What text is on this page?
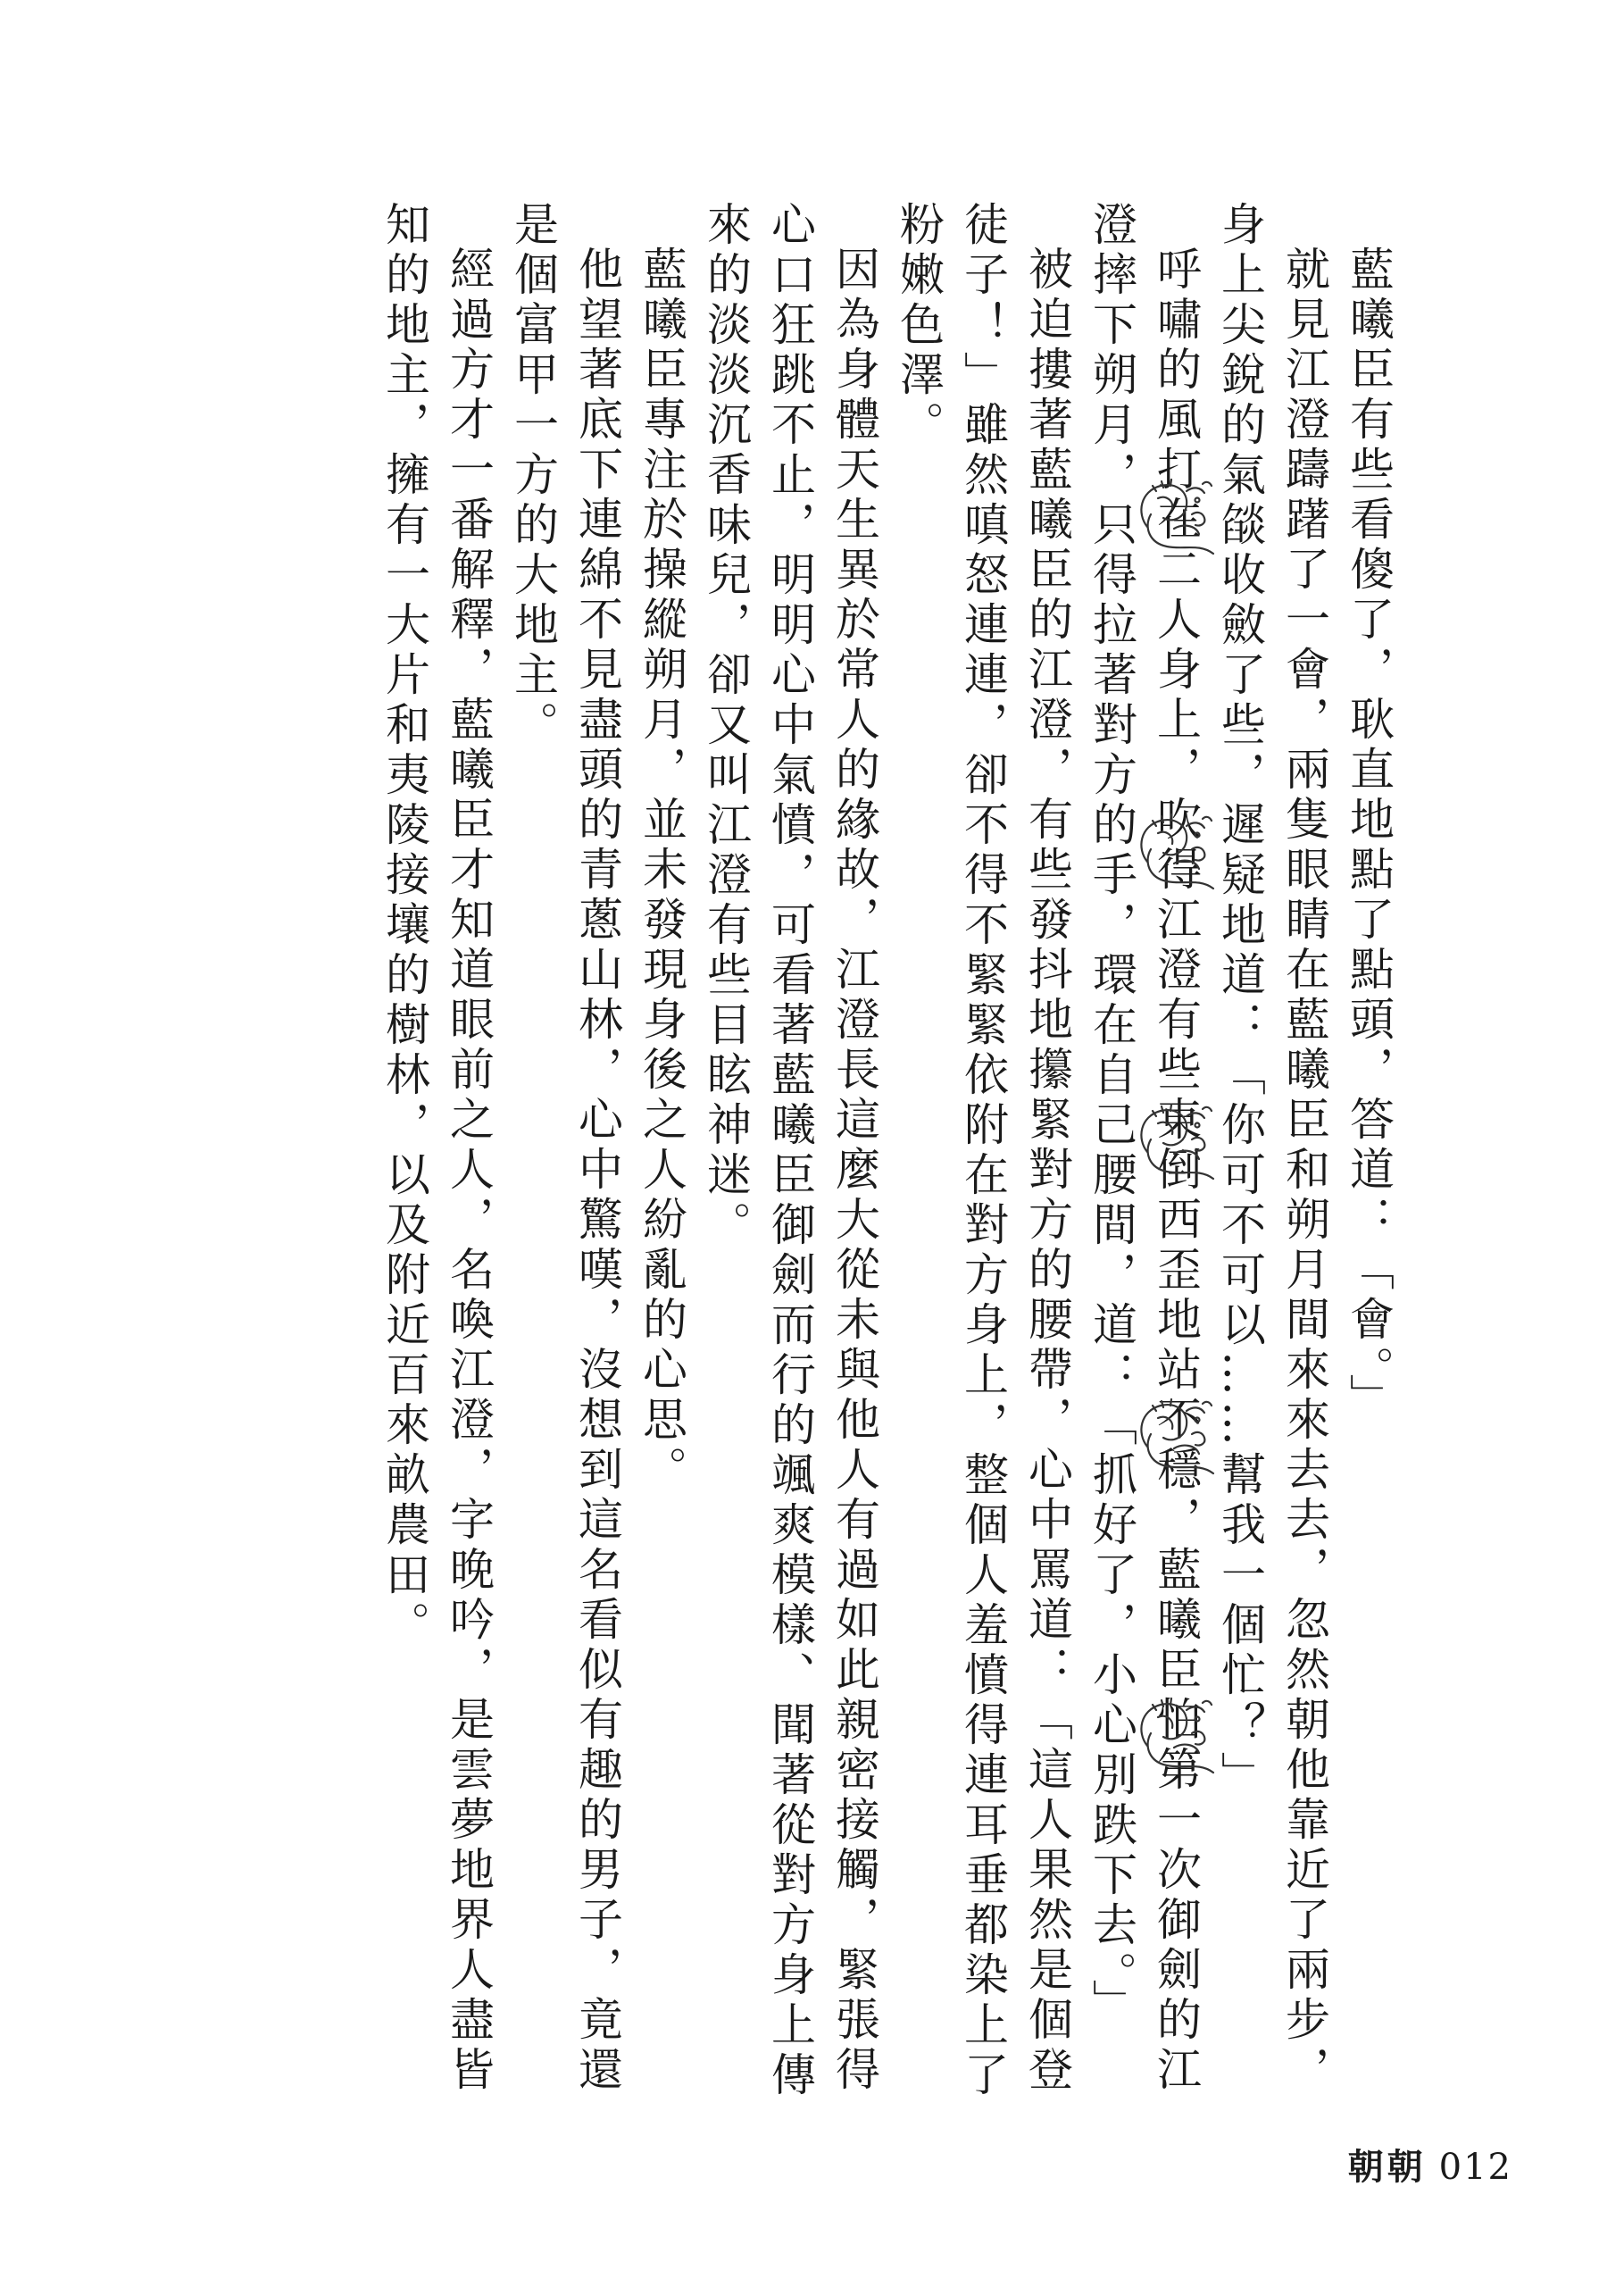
藍曦臣有些看傻了，耿直地點了點頭，答道：「會。」

就見江澄躊躇了一會，兩隻眼睛在藍曦臣和朔月間來來去去，忽然朝他靠近了兩步，身上尖銳的氣燄收斂了些，遲疑地道：「你可不可以……幫我一個忙？」

呼嘯的風打在二人身上，吹得江澄有些東倒西歪地站不穩，藍曦臣怕第一次御劍的江澄摔下朔月，只得拉著對方的手，環在自己腰間，道：「抓好了，小心別跌下去。」

被迫摟著藍曦臣的江澄，有些發抖地攥緊對方的腰帶，心中罵道：「這人果然是個登徒子！」雖然嗔怒連連，卻不得不緊緊依附在對方身上，整個人羞憤得連耳垂都染上了粉嫩色澤。

因為身體天生異於常人的緣故，江澄長這麼大從未與他人有過如此親密接觸，緊張得心口狂跳不止，明明心中氣憤，可看著藍曦臣御劍而行的颯爽模樣、聞著從對方身上傳來的淡淡沉香味兒，卻又叫江澄有些目眩神迷。

藍曦臣專注於操縱朔月，並未發現身後之人紛亂的心思。

他望著底下連綿不見盡頭的青蔥山林，心中驚嘆，沒想到這名看似有趣的男子，竟還是個富甲一方的大地主。

經過方才一番解釋，藍曦臣才知道眼前之人，名喚江澄，字晚吟，是雲夢地界人盡皆知的地主，擁有一大片和夷陵接壤的樹林，以及附近百來畝農田。

朝朝 012
